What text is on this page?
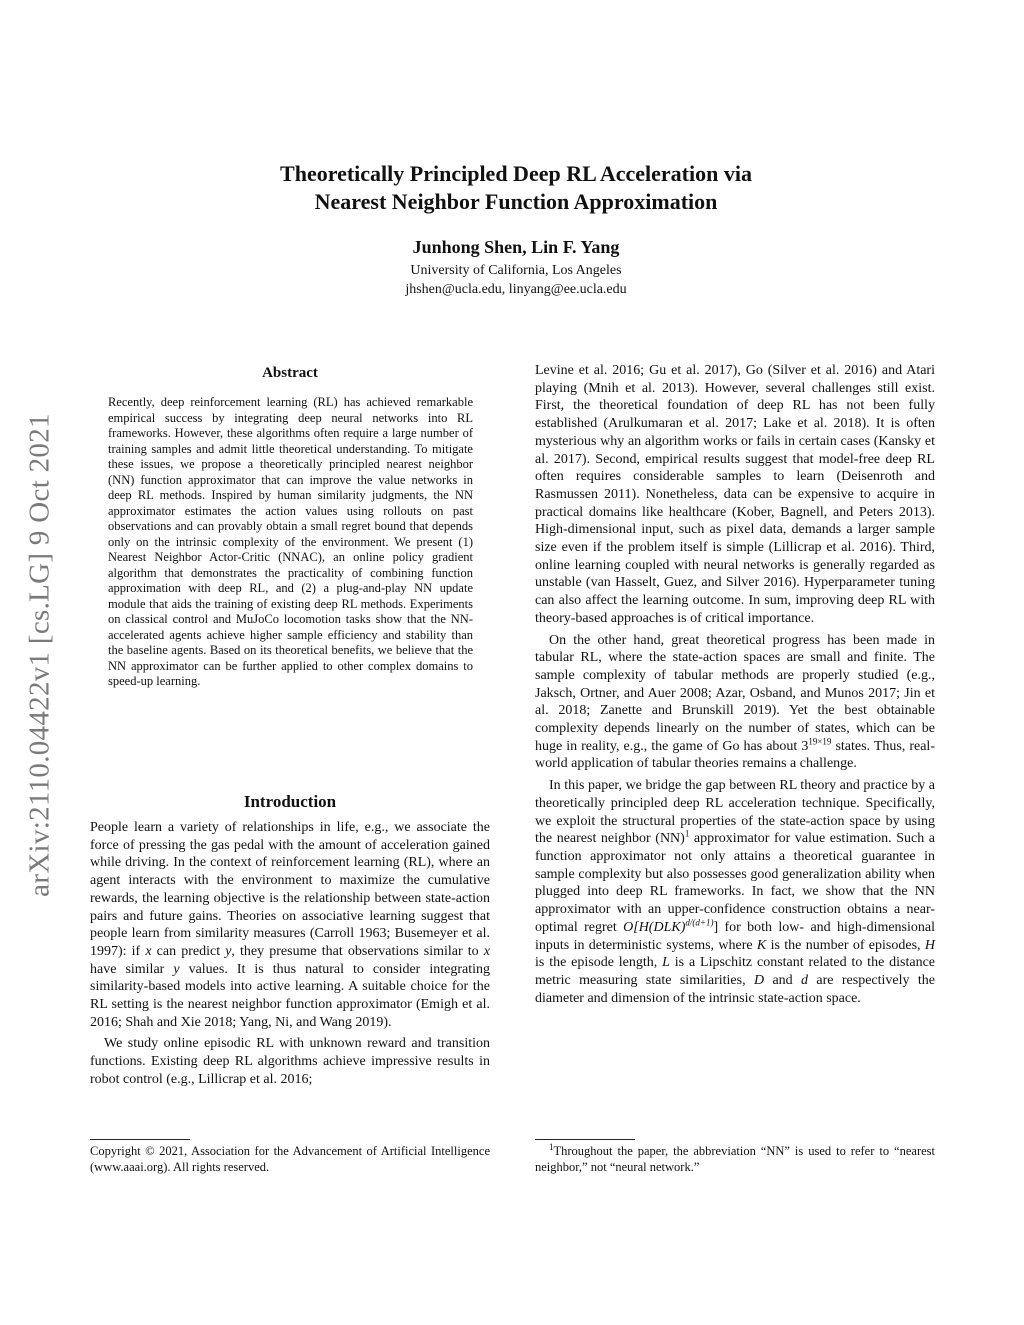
Theoretically Principled Deep RL Acceleration via
Nearest Neighbor Function Approximation
Junhong Shen, Lin F. Yang
University of California, Los Angeles
jhshen@ucla.edu, linyang@ee.ucla.edu
arXiv:2110.04422v1 [cs.LG] 9 Oct 2021
Abstract

Recently, deep reinforcement learning (RL) has achieved remarkable empirical success by integrating deep neural networks into RL frameworks. However, these algorithms often require a large number of training samples and admit little theoretical understanding. To mitigate these issues, we propose a theoretically principled nearest neighbor (NN) function approximator that can improve the value networks in deep RL methods. Inspired by human similarity judgments, the NN approximator estimates the action values using rollouts on past observations and can provably obtain a small regret bound that depends only on the intrinsic complexity of the environment. We present (1) Nearest Neighbor Actor-Critic (NNAC), an online policy gradient algorithm that demonstrates the practicality of combining function approximation with deep RL, and (2) a plug-and-play NN update module that aids the training of existing deep RL methods. Experiments on classical control and MuJoCo locomotion tasks show that the NN-accelerated agents achieve higher sample efficiency and stability than the baseline agents. Based on its theoretical benefits, we believe that the NN approximator can be further applied to other complex domains to speed-up learning.

Introduction

People learn a variety of relationships in life, e.g., we associate the force of pressing the gas pedal with the amount of acceleration gained while driving. In the context of reinforcement learning (RL), where an agent interacts with the environment to maximize the cumulative rewards, the learning objective is the relationship between state-action pairs and future gains. Theories on associative learning suggest that people learn from similarity measures (Carroll 1963; Busemeyer et al. 1997): if x can predict y, they presume that observations similar to x have similar y values. It is thus natural to consider integrating similarity-based models into active learning. A suitable choice for the RL setting is the nearest neighbor function approximator (Emigh et al. 2016; Shah and Xie 2018; Yang, Ni, and Wang 2019).

We study online episodic RL with unknown reward and transition functions. Existing deep RL algorithms achieve impressive results in robot control (e.g., Lillicrap et al. 2016;

Levine et al. 2016; Gu et al. 2017), Go (Silver et al. 2016) and Atari playing (Mnih et al. 2013). However, several challenges still exist. First, the theoretical foundation of deep RL has not been fully established (Arulkumaran et al. 2017; Lake et al. 2018). It is often mysterious why an algorithm works or fails in certain cases (Kansky et al. 2017). Second, empirical results suggest that model-free deep RL often requires considerable samples to learn (Deisenroth and Rasmussen 2011). Nonetheless, data can be expensive to acquire in practical domains like healthcare (Kober, Bagnell, and Peters 2013). High-dimensional input, such as pixel data, demands a larger sample size even if the problem itself is simple (Lillicrap et al. 2016). Third, online learning coupled with neural networks is generally regarded as unstable (van Hasselt, Guez, and Silver 2016). Hyperparameter tuning can also affect the learning outcome. In sum, improving deep RL with theory-based approaches is of critical importance.

On the other hand, great theoretical progress has been made in tabular RL, where the state-action spaces are small and finite. The sample complexity of tabular methods are properly studied (e.g., Jaksch, Ortner, and Auer 2008; Azar, Osband, and Munos 2017; Jin et al. 2018; Zanette and Brunskill 2019). Yet the best obtainable complexity depends linearly on the number of states, which can be huge in reality, e.g., the game of Go has about $3^{19\times 19}$ states. Thus, real-world application of tabular theories remains a challenge.

In this paper, we bridge the gap between RL theory and practice by a theoretically principled deep RL acceleration technique. Specifically, we exploit the structural properties of the state-action space by using the nearest neighbor (NN)$^1$ approximator for value estimation. Such a function approximator not only attains a theoretical guarantee in sample complexity but also possesses good generalization ability when plugged into deep RL frameworks. In fact, we show that the NN approximator with an upper-confidence construction obtains a near-optimal regret O[H(DLK)$^{d/(d+1)}$] for both low- and high-dimensional inputs in deterministic systems, where K is the number of episodes, H is the episode length, L is a Lipschitz constant related to the distance metric measuring state similarities, D and d are respectively the diameter and dimension of the intrinsic state-action space.

Copyright © 2021, Association for the Advancement of Artificial Intelligence (www.aaai.org). All rights reserved.

$^1$Throughout the paper, the abbreviation “NN” is used to refer to “nearest neighbor,” not “neural network.”
